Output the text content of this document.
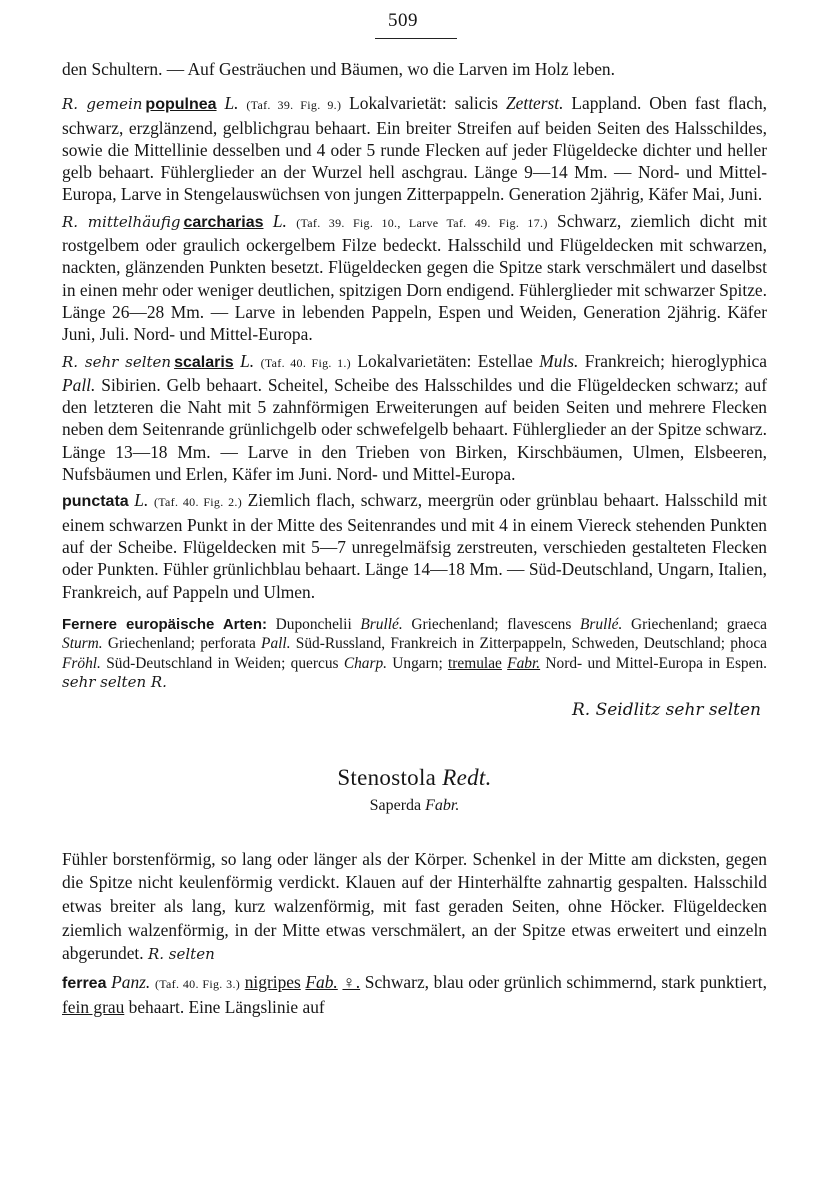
509

den Schultern. — Auf Gesträuchen und Bäumen, wo die Larven im Holz leben.

R. gemein populnea L. (Taf. 39. Fig. 9.) Lokalvarietät: salicis Zetterst. Lappland. Oben fast flach, schwarz, erzglänzend, gelblichgrau behaart. Ein breiter Streifen auf beiden Seiten des Halsschildes, sowie die Mittellinie desselben und 4 oder 5 runde Flecken auf jeder Flügeldecke dichter und heller gelb behaart. Fühlerglieder an der Wurzel hell aschgrau. Länge 9—14 Mm. — Nord- und Mittel-Europa, Larve in Stengelauswüchsen von jungen Zitterpappeln. Generation 2jährig, Käfer Mai, Juni.

R. mittelhäufig carcharias L. (Taf. 39. Fig. 10., Larve Taf. 49. Fig. 17.) Schwarz, ziemlich dicht mit rostgelbem oder graulich ockergelbem Filze bedeckt. Halsschild und Flügeldecken mit schwarzen, nackten, glänzenden Punkten besetzt. Flügeldecken gegen die Spitze stark verschmälert und daselbst in einen mehr oder weniger deutlichen, spitzigen Dorn endigend. Fühlerglieder mit schwarzer Spitze. Länge 26—28 Mm. — Larve in lebenden Pappeln, Espen und Weiden, Generation 2jährig. Käfer Juni, Juli. Nord- und Mittel-Europa.

R. sehr selten scalaris L. (Taf. 40. Fig. 1.) Lokalvarietäten: Estellae Muls. Frankreich; hieroglyphica Pall. Sibirien. Gelb behaart. Scheitel, Scheibe des Halsschildes und die Flügeldecken schwarz; auf den letzteren die Naht mit 5 zahnförmigen Erweiterungen auf beiden Seiten und mehrere Flecken neben dem Seitenrande grünlichgelb oder schwefelgelb behaart. Fühlerglieder an der Spitze schwarz. Länge 13—18 Mm. — Larve in den Trieben von Birken, Kirschbäumen, Ulmen, Elsbeeren, Nufsbäumen und Erlen, Käfer im Juni. Nord- und Mittel-Europa.

punctata L. (Taf. 40. Fig. 2.) Ziemlich flach, schwarz, meergrün oder grünblau behaart. Halsschild mit einem schwarzen Punkt in der Mitte des Seitenrandes und mit 4 in einem Viereck stehenden Punkten auf der Scheibe. Flügeldecken mit 5—7 unregelmäfsig zerstreuten, verschieden gestalteten Flecken oder Punkten. Fühler grünlichblau behaart. Länge 14—18 Mm. — Süd-Deutschland, Ungarn, Italien, Frankreich, auf Pappeln und Ulmen.

Fernere europäische Arten: Duponchelii Brullé. Griechenland; flavescens Brullé. Griechenland; graeca Sturm. Griechenland; perforata Pall. Süd-Russland, Frankreich in Zitterpappeln, Schweden, Deutschland; phoca Fröhl. Süd-Deutschland in Weiden; quercus Charp. Ungarn; tremulae Fabr. Nord- und Mittel-Europa in Espen. sehr selten R.

R. Seidlitz sehr selten

Stenostola Redt.

Saperda Fabr.

Fühler borstenförmig, so lang oder länger als der Körper. Schenkel in der Mitte am dicksten, gegen die Spitze nicht keulenförmig verdickt. Klauen auf der Hinterhälfte zahnartig gespalten. Halsschild etwas breiter als lang, kurz walzenförmig, mit fast geraden Seiten, ohne Höcker. Flügeldecken ziemlich walzenförmig, in der Mitte etwas verschmälert, an der Spitze etwas erweitert und einzeln abgerundet. R. selten

ferrea Panz. (Taf. 40. Fig. 3.) nigripes Fab. ♀. Schwarz, blau oder grünlich schimmernd, stark punktiert, fein grau behaart. Eine Längslinie auf
